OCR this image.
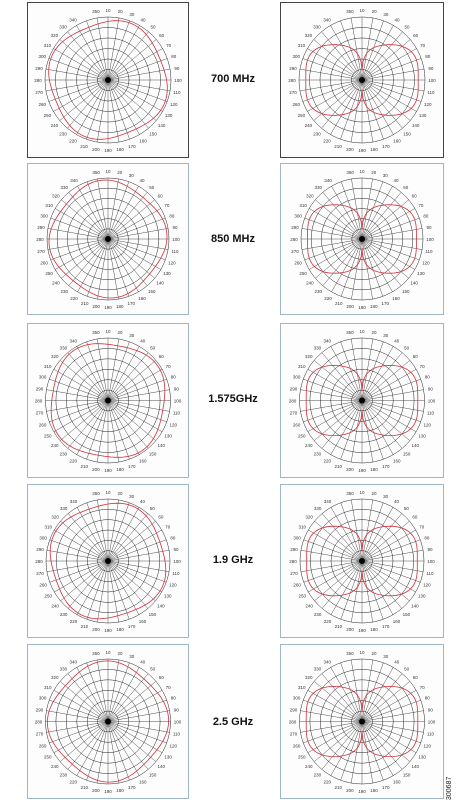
350 10 20
30
40
50
60
70
80
90
100
110
120
130
140
150
160
170
180
190
200
210
220
230
240
250
260
270
280
290
300
310
320
330
340
700 MHz
350 10 20
30
40
50
60
70
80
90
100
110
120
130
140
150
160
170
180
190
200
210
220
230
240
250
260
270
280
290
300
310
320
330
340
350 10 20
30
40
50
60
70
80
90
100
110
120
130
140
150
160
170
180
190
200
210
220
230
240
250
260
270
280
290
300
310
320
330
340
850 MHz
350 10 20
30
40
50
60
70
80
90
100
110
120
130
140
150
160
170
180
190
200
210
220
230
240
250
260
270
280
290
300
310
320
330
340
350 10 20
30
40
50
60
70
80
90
100
110
120
130
140
150
160
170
180
190
200
210
220
230
240
250
260
270
280
290
300
310
320
330
340
1.575GHz
350 10 20
30
40
50
60
70
80
90
100
110
120
130
140
150
160
170
180
190
200
210
220
230
240
250
260
270
280
290
300
310
320
330
340
350 10 20
30
40
50
60
70
80
90
100
110
120
130
140
150
160
170
180
190
200
210
220
230
240
250
260
270
280
290
300
310
320
330
340
1.9 GHz
350 10 20
30
40
50
60
70
80
90
100
110
120
130
140
150
160
170
180
190
200
210
220
230
240
250
260
270
280
290
300
310
320
330
340
350 10 20
30
40
50
60
70
80
90
100
110
120
130
140
150
160
170
180
190
200
210
220
230
240
250
260
270
280
290
300
310
320
330
340
2.5 GHz
350 10 20
30
40
50
60
70
80
90
100
110
120
130
140
150
160
170
180
190
200
210
220
230
240
250
260
270
280
290
300
310
320
330
340
300687
